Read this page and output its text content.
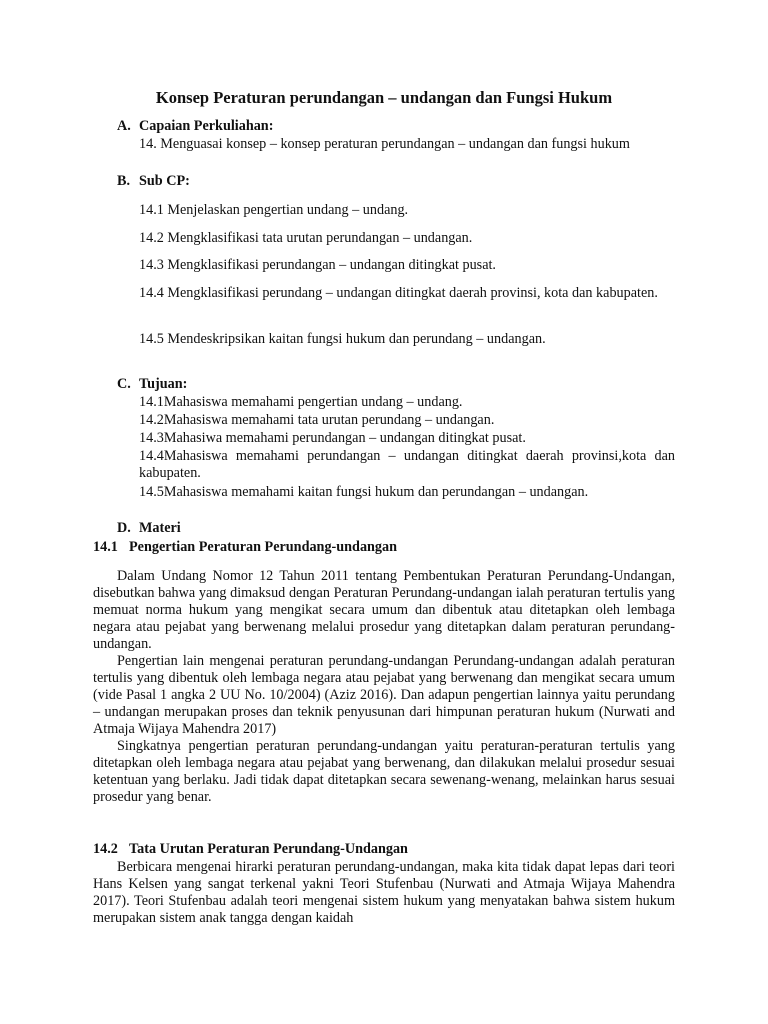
Konsep Peraturan perundangan – undangan dan Fungsi Hukum
A. Capaian Perkuliahan:
14. Menguasai konsep – konsep peraturan perundangan – undangan dan fungsi hukum
B. Sub CP:
14.1 Menjelaskan pengertian undang – undang.
14.2 Mengklasifikasi tata urutan perundangan – undangan.
14.3 Mengklasifikasi perundangan – undangan ditingkat pusat.
14.4 Mengklasifikasi perundang – undangan ditingkat daerah provinsi, kota dan kabupaten.
14.5 Mendeskripsikan kaitan fungsi hukum dan perundang – undangan.
C. Tujuan:
14.1Mahasiswa memahami pengertian undang – undang.
14.2Mahasiswa memahami tata urutan perundang – undangan.
14.3Mahasiwa memahami perundangan – undangan ditingkat pusat.
14.4Mahasiswa memahami perundangan – undangan ditingkat daerah provinsi,kota dan kabupaten.
14.5Mahasiswa memahami kaitan fungsi hukum dan perundangan – undangan.
D. Materi
14.1 Pengertian Peraturan Perundang-undangan

Dalam Undang Nomor 12 Tahun 2011 tentang Pembentukan Peraturan Perundang-Undangan, disebutkan bahwa yang dimaksud dengan Peraturan Perundang-undangan ialah peraturan tertulis yang memuat norma hukum yang mengikat secara umum dan dibentuk atau ditetapkan oleh lembaga negara atau pejabat yang berwenang melalui prosedur yang ditetapkan dalam peraturan perundang-undangan.

Pengertian lain mengenai peraturan perundang-undangan Perundang-undangan adalah peraturan tertulis yang dibentuk oleh lembaga negara atau pejabat yang berwenang dan mengikat secara umum (vide Pasal 1 angka 2 UU No. 10/2004) (Aziz 2016). Dan adapun pengertian lainnya yaitu perundang – undangan merupakan proses dan teknik penyusunan dari himpunan peraturan hukum (Nurwati and Atmaja Wijaya Mahendra 2017)

Singkatnya pengertian peraturan perundang-undangan yaitu peraturan-peraturan tertulis yang ditetapkan oleh lembaga negara atau pejabat yang berwenang, dan dilakukan melalui prosedur sesuai ketentuan yang berlaku. Jadi tidak dapat ditetapkan secara sewenang-wenang, melainkan harus sesuai prosedur yang benar.

14.2 Tata Urutan Peraturan Perundang-Undangan

Berbicara mengenai hirarki peraturan perundang-undangan, maka kita tidak dapat lepas dari teori Hans Kelsen yang sangat terkenal yakni Teori Stufenbau (Nurwati and Atmaja Wijaya Mahendra 2017). Teori Stufenbau adalah teori mengenai sistem hukum yang menyatakan bahwa sistem hukum merupakan sistem anak tangga dengan kaidah
